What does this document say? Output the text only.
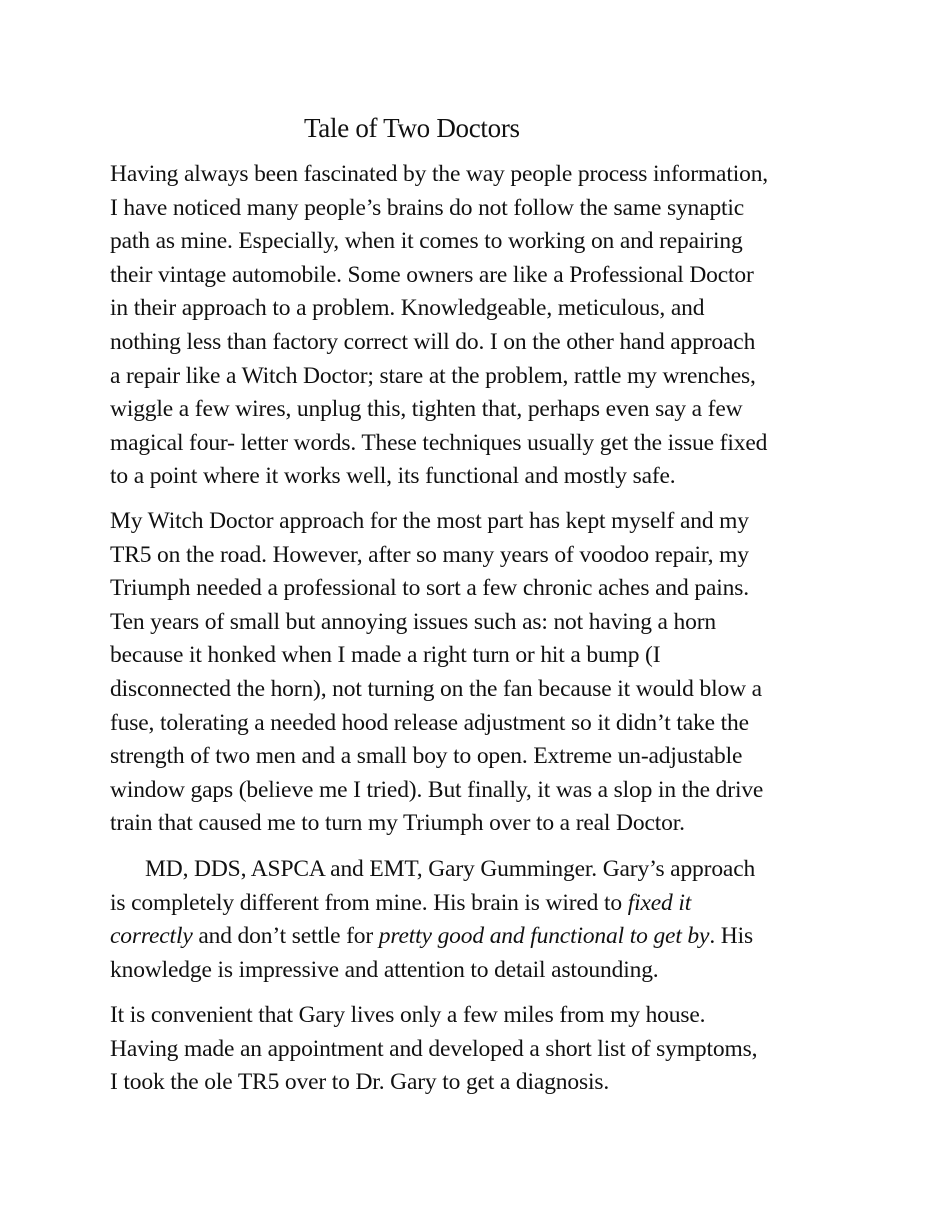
Tale of Two Doctors

Having always been fascinated by the way people process information,
I have noticed many people’s brains do not follow the same synaptic
path as mine. Especially, when it comes to working on and repairing
their vintage automobile. Some owners are like a Professional Doctor
in their approach to a problem. Knowledgeable, meticulous, and
nothing less than factory correct will do. I on the other hand approach
a repair like a Witch Doctor; stare at the problem, rattle my wrenches,
wiggle a few wires, unplug this, tighten that, perhaps even say a few
magical four- letter words. These techniques usually get the issue fixed
to a point where it works well, its functional and mostly safe.

My Witch Doctor approach for the most part has kept myself and my
TR5 on the road. However, after so many years of voodoo repair, my
Triumph needed a professional to sort a few chronic aches and pains.
Ten years of small but annoying issues such as: not having a horn
because it honked when I made a right turn or hit a bump (I
disconnected the horn), not turning on the fan because it would blow a
fuse, tolerating a needed hood release adjustment so it didn’t take the
strength of two men and a small boy to open. Extreme un-adjustable
window gaps (believe me I tried). But finally, it was a slop in the drive
train that caused me to turn my Triumph over to a real Doctor.

MD, DDS, ASPCA and EMT, Gary Gumminger. Gary’s approach
is completely different from mine. His brain is wired to fixed it
correctly and don’t settle for pretty good and functional to get by. His
knowledge is impressive and attention to detail astounding.

It is convenient that Gary lives only a few miles from my house.
Having made an appointment and developed a short list of symptoms,
I took the ole TR5 over to Dr. Gary to get a diagnosis.
